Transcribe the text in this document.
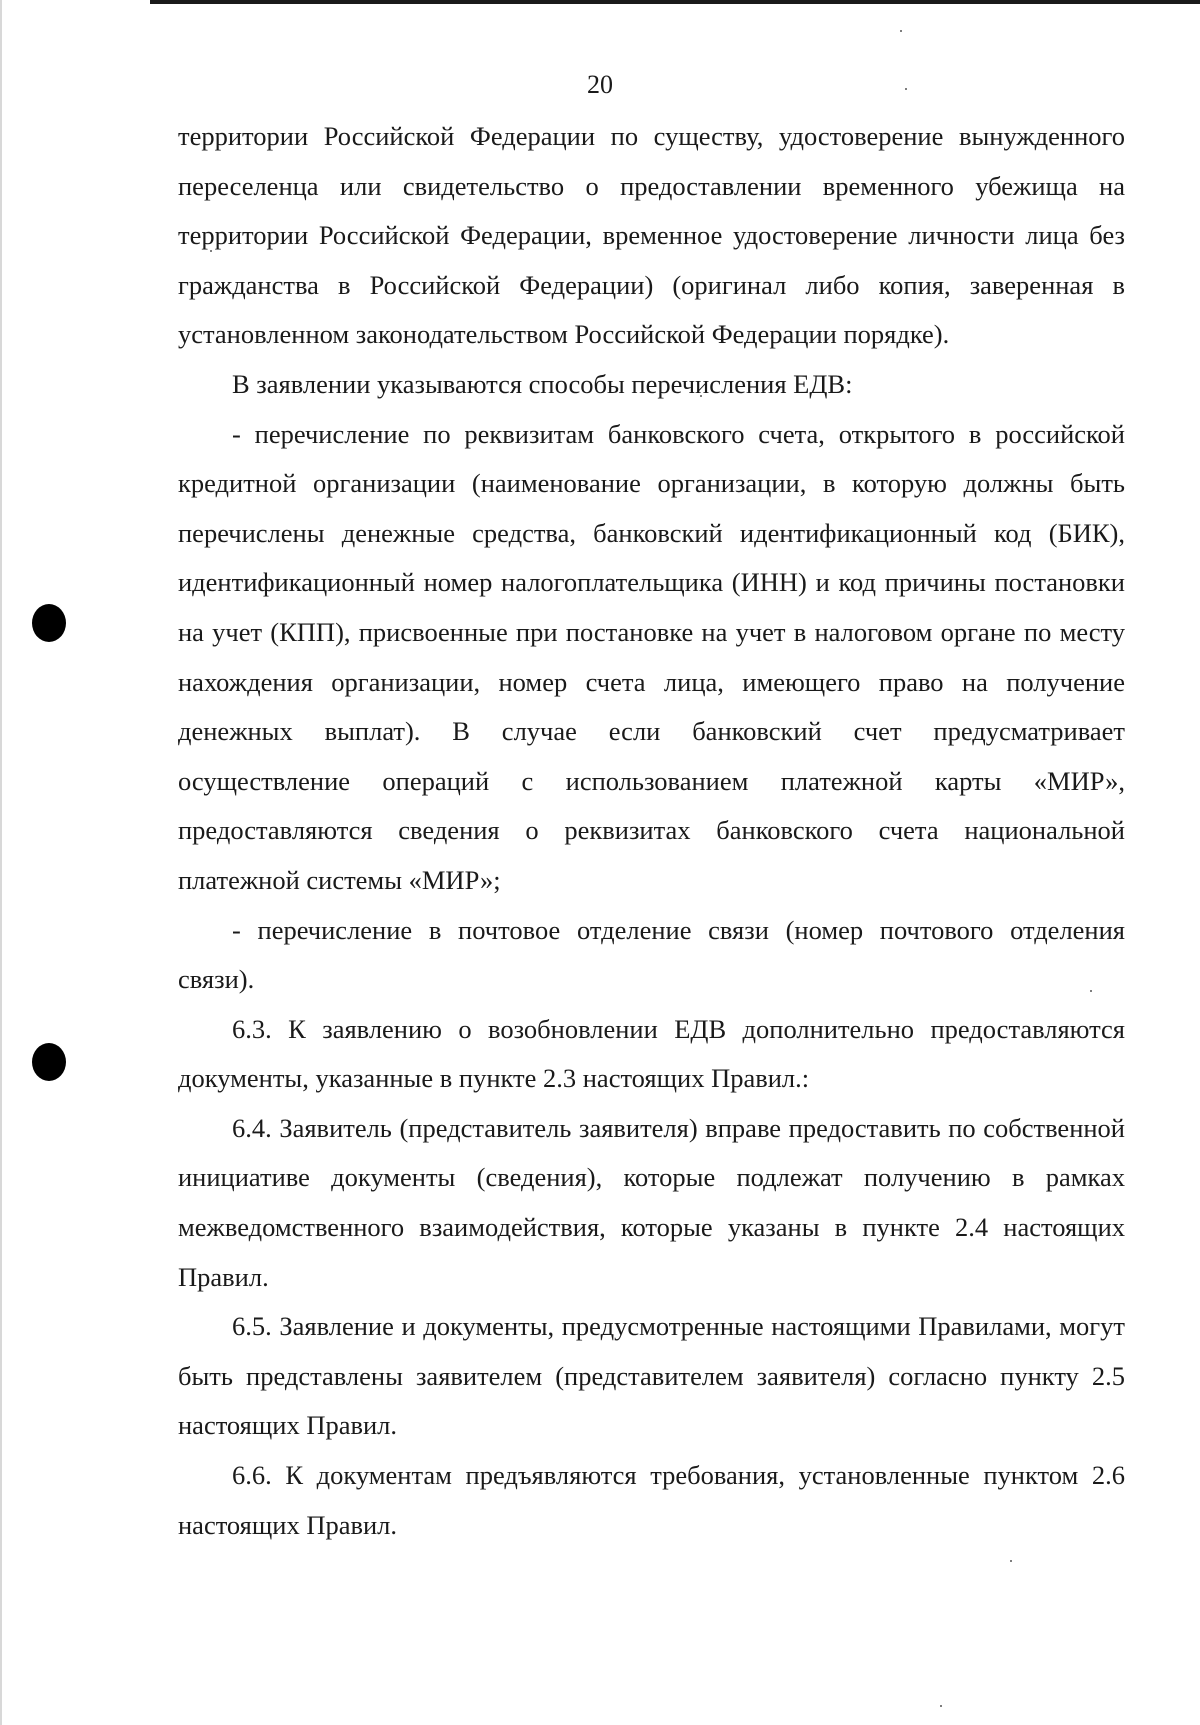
20

территории Российской Федерации по существу, удостоверение вынужденного переселенца или свидетельство о предоставлении временного убежища на территории Российской Федерации, временное удостоверение личности лица без гражданства в Российской Федерации) (оригинал либо копия, заверенная в установленном законодательством Российской Федерации порядке).

В заявлении указываются способы перечисления ЕДВ:

- перечисление по реквизитам банковского счета, открытого в российской кредитной организации (наименование организации, в которую должны быть перечислены денежные средства, банковский идентификационный код (БИК), идентификационный номер налогоплательщика (ИНН) и код причины постановки на учет (КПП), присвоенные при постановке на учет в налоговом органе по месту нахождения организации, номер счета лица, имеющего право на получение денежных выплат). В случае если банковский счет предусматривает осуществление операций с использованием платежной карты «МИР», предоставляются сведения о реквизитах банковского счета национальной платежной системы «МИР»;

- перечисление в почтовое отделение связи (номер почтового отделения связи).

6.3. К заявлению о возобновлении ЕДВ дополнительно предоставляются документы, указанные в пункте 2.3 настоящих Правил.:

6.4. Заявитель (представитель заявителя) вправе предоставить по собственной инициативе документы (сведения), которые подлежат получению в рамках межведомственного взаимодействия, которые указаны в пункте 2.4 настоящих Правил.

6.5. Заявление и документы, предусмотренные настоящими Правилами, могут быть представлены заявителем (представителем заявителя) согласно пункту 2.5 настоящих Правил.

6.6. К документам предъявляются требования, установленные пунктом 2.6 настоящих Правил.
